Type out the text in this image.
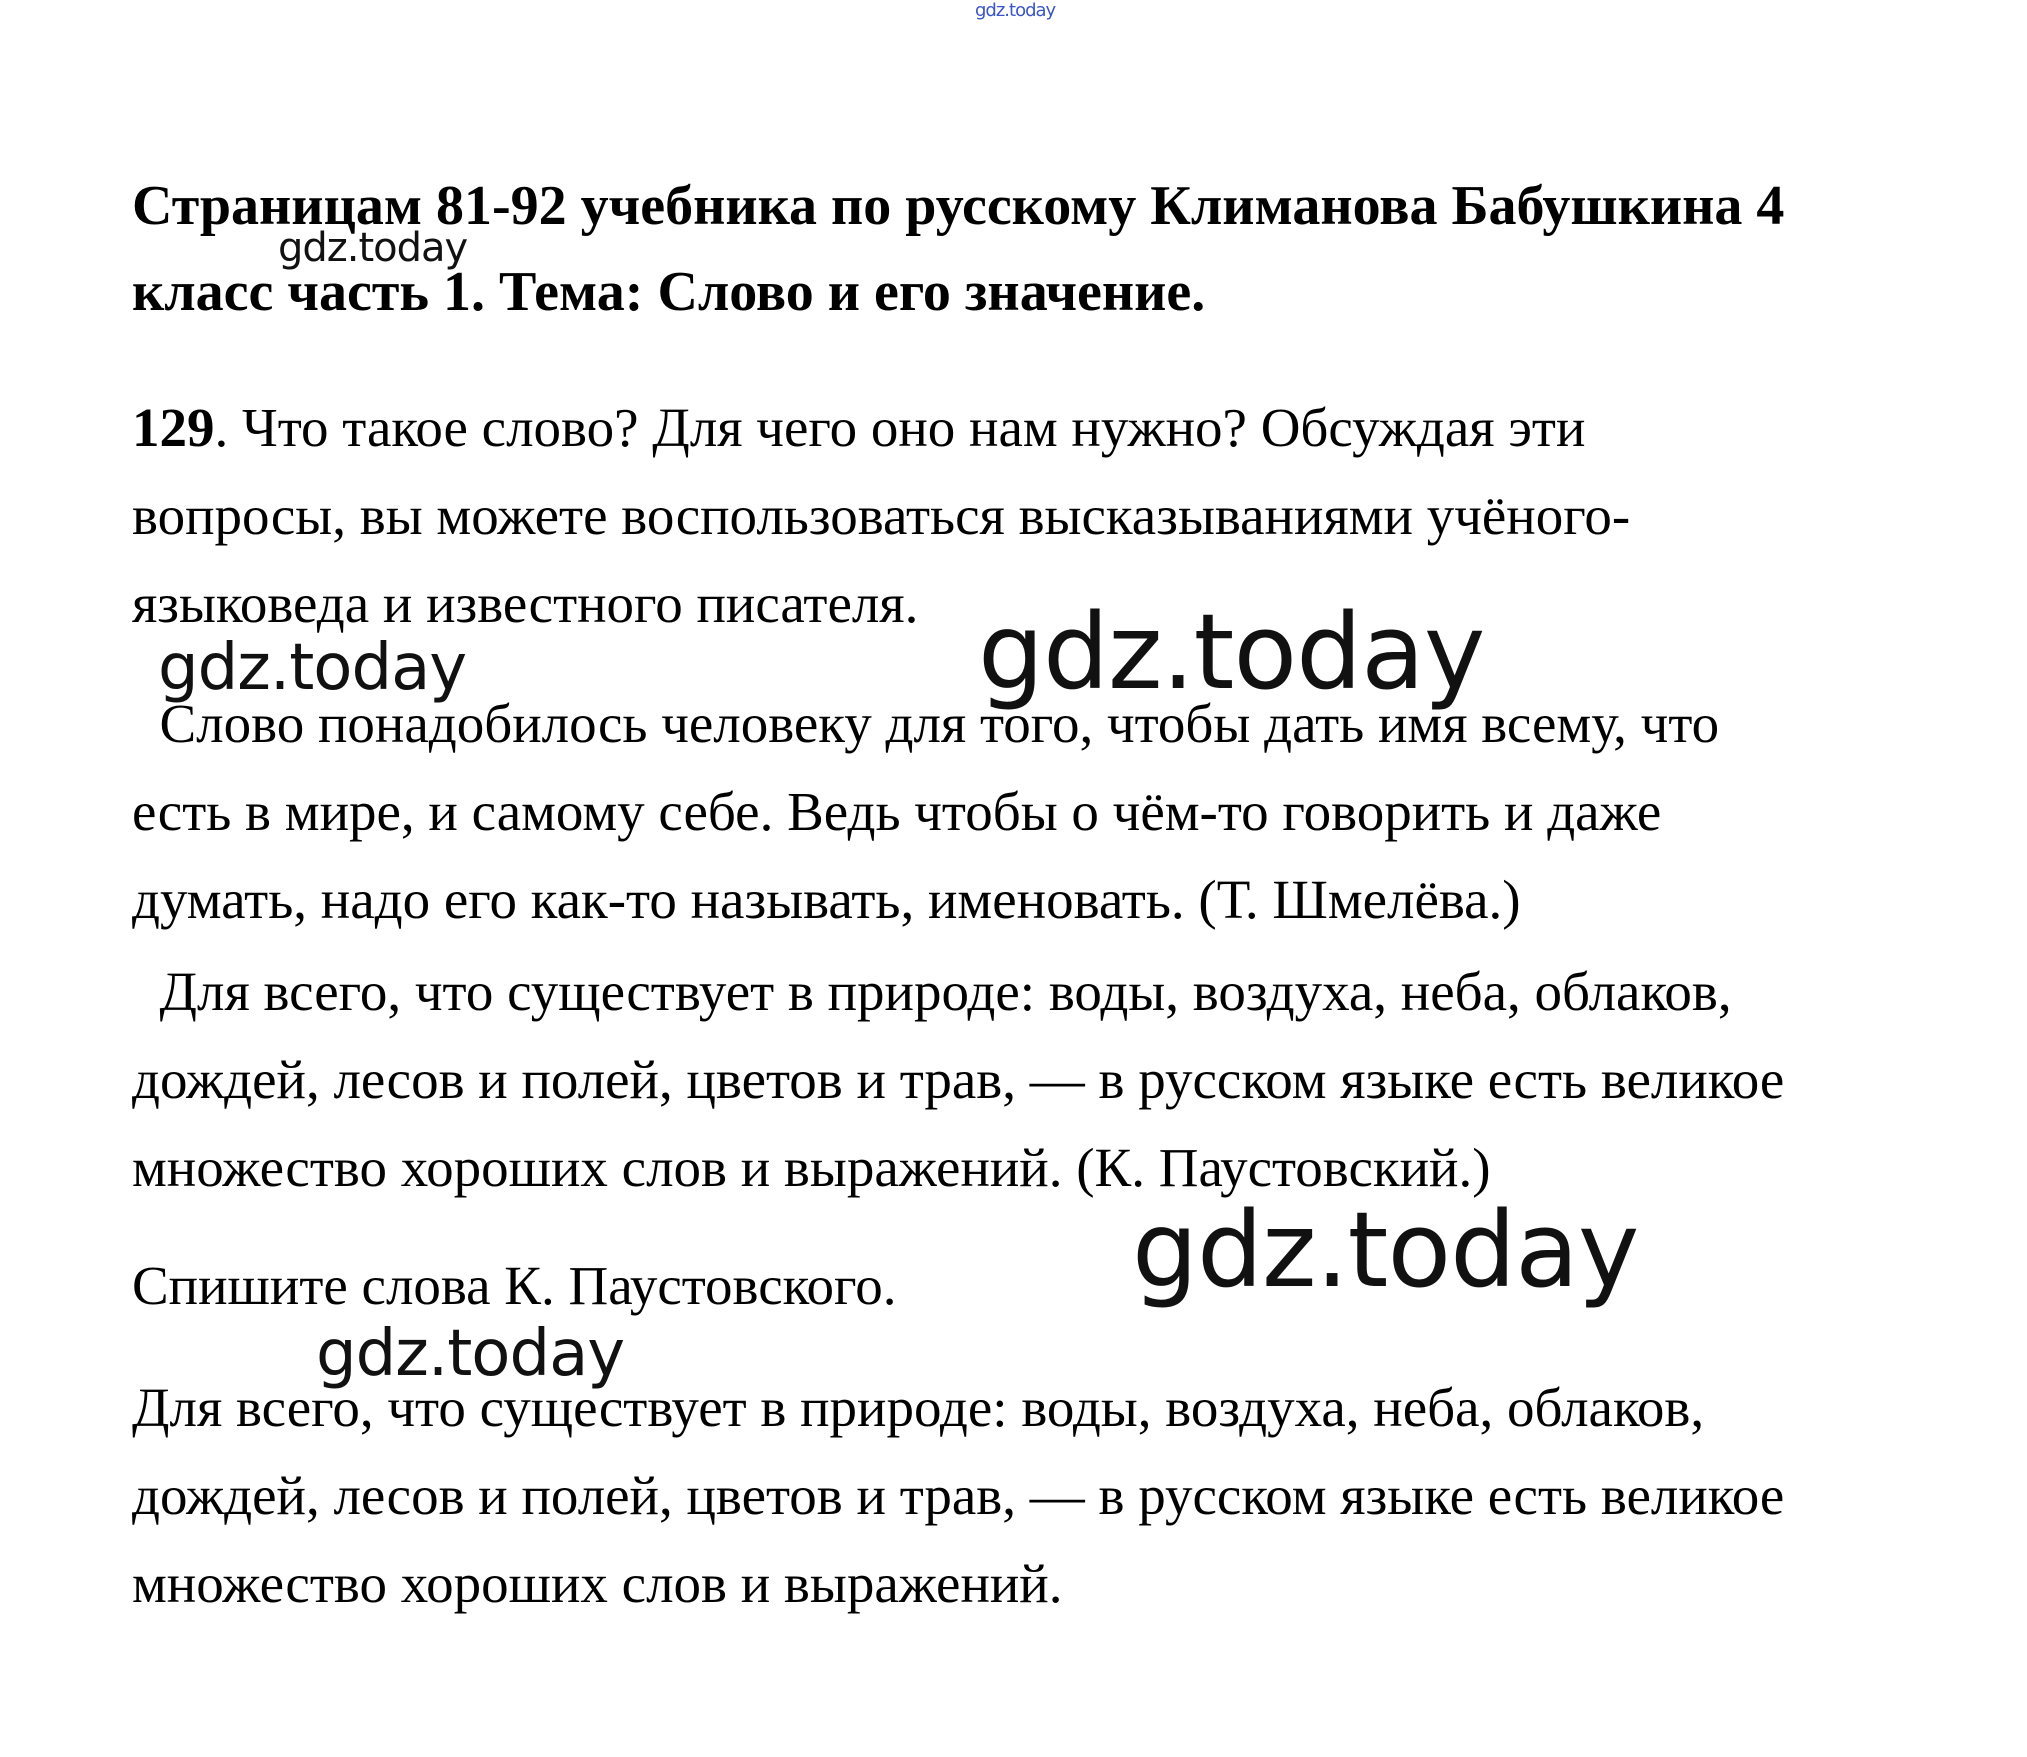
gdz.today
Страницам 81-92 учебника по русскому Климанова Бабушкина 4
класс часть 1. Тема: Слово и его значение.
129. Что такое слово? Для чего оно нам нужно? Обсуждая эти
вопросы, вы можете воспользоваться высказываниями учёного-
языковеда и известного писателя.
Слово понадобилось человеку для того, чтобы дать имя всему, что
есть в мире, и самому себе. Ведь чтобы о чём-то говорить и даже
думать, надо его как-то называть, именовать. (Т. Шмелёва.)
Для всего, что существует в природе: воды, воздуха, неба, облаков,
дождей, лесов и полей, цветов и трав, — в русском языке есть великое
множество хороших слов и выражений. (К. Паустовский.)
Спишите слова К. Паустовского.
Для всего, что существует в природе: воды, воздуха, неба, облаков,
дождей, лесов и полей, цветов и трав, — в русском языке есть великое
множество хороших слов и выражений.
gdz.today
gdz.today	gdz.today
gdz.today
gdz.today
